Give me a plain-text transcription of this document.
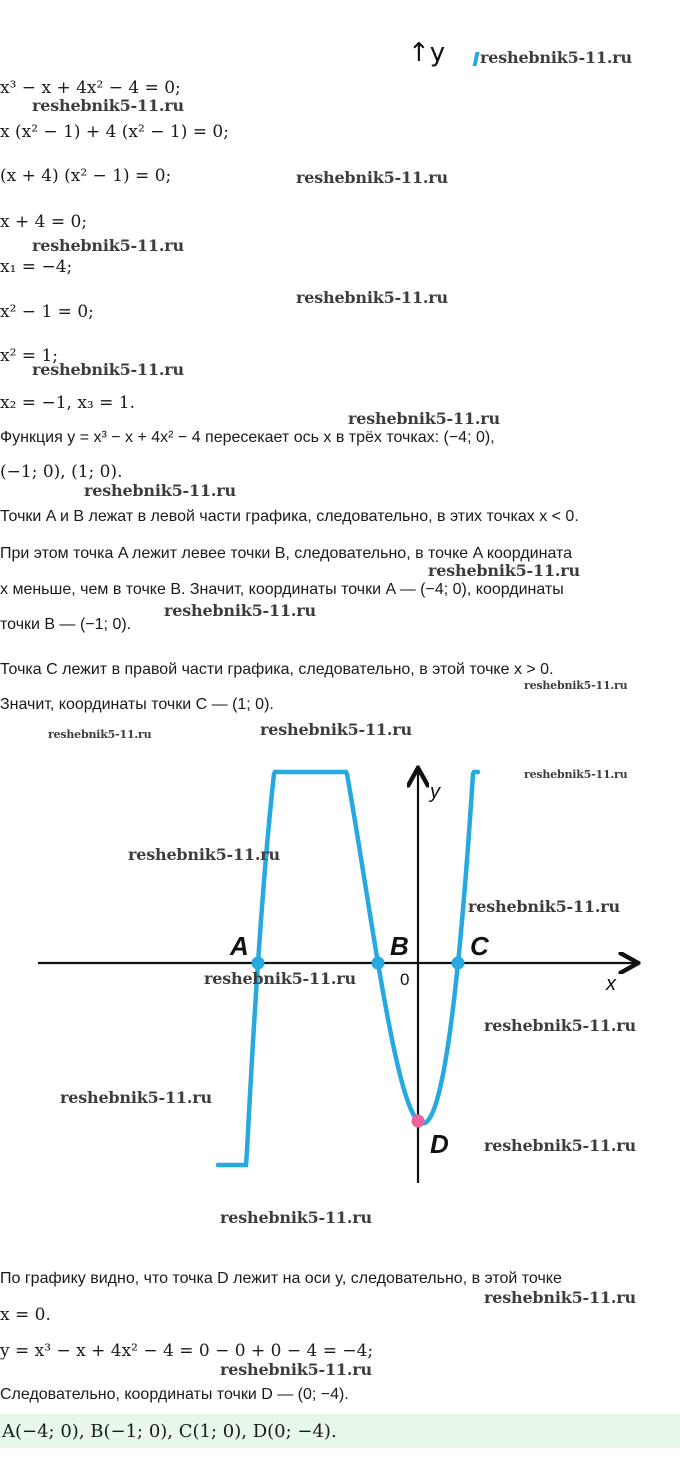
↑y reshebnik5-11.ru
x³ − x + 4x² − 4 = 0;
x (x² − 1) + 4 (x² − 1) = 0;
(x + 4) (x² − 1) = 0;
x + 4 = 0;
x₁ = −4;
x² − 1 = 0;
x² = 1;
x₂ = −1, x₃ = 1.
Функция y = x³ − x + 4x² − 4 пересекает ось x в трёх точках: (−4; 0),
(−1; 0), (1; 0).
Точки A и B лежат в левой части графика, следовательно, в этих точках x < 0.
При этом точка A лежит левее точки B, следовательно, в точке A координата
x меньше, чем в точке B. Значит, координаты точки A — (−4; 0), координаты
точки B — (−1; 0).
Точка C лежит в правой части графика, следовательно, в этой точке x > 0.
Значит, координаты точки C — (1; 0).
По графику видно, что точка D лежит на оси y, следовательно, в этой точке
x = 0.
y = x³ − x + 4x² − 4 = 0 − 0 + 0 − 4 = −4;
Следовательно, координаты точки D — (0; −4).
A(−4; 0), B(−1; 0), C(1; 0), D(0; −4).
A	B C
D
y
x
0
reshebnik5-11.ru
reshebnik5-11.ru
reshebnik5-11.ru
reshebnik5-11.ru
reshebnik5-11.ru
reshebnik5-11.ru
reshebnik5-11.ru
reshebnik5-11.ru
reshebnik5-11.ru
reshebnik5-11.ru
reshebnik5-11.ru
reshebnik5-11.ru
reshebnik5-11.ru
reshebnik5-11.ru
reshebnik5-11.ru
reshebnik5-11.ru
reshebnik5-11.ru
reshebnik5-11.ru
reshebnik5-11.ru
reshebnik5-11.ru
reshebnik5-11.ru
reshebnik5-11.ru
